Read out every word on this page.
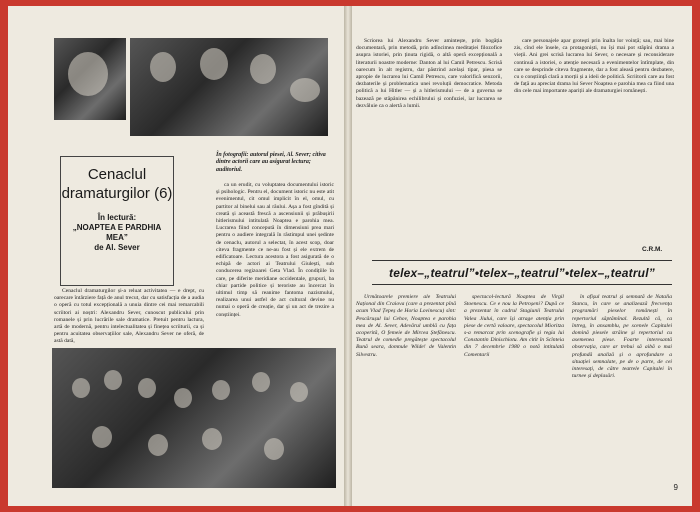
Cenaclul dramaturgilor (6)
În lectură:
„NOAPTEA E PARDHIA MEA”
de Al. Sever
În fotografii: autorul piesei, Al. Sever; citiva dintre actorii care au asigurat lectura; auditoriul.

ca un erudit, cu voluptatea documentului istoric și psihologic. Pentru el, document istoric nu este atit evenimentul, cit omul implicit în el, omul, cu partitor al binelui sau al răului. Așa a fost gîndită și creată și această frescă a ascensiunii și prăbușirii hitlerismului intitulată Noaptea e parohia mea. Lucrarea fiind concepută în dimensiuni prea mari pentru o audiere integrală în răstimpul unei ședinte de cenaclu, autorul a selectat, în acest scop, doar citeva fragmente ce ne-au fost și ele extrem de edificatoare. Lectura acestora a fost asigurată de o echipă de actori ai Teatrului Giulești, sub conducerea regizoarei Geta Vlad. În condițiile în care, pe diferite meridiane occidentale, grupuri, ba chiar partide politice și teroriste au încercat în ultimul timp să reanime fantoma nazismului, realizarea unui astfel de act cultural devine nu numai o operă de creație, dar și un act de trezire a conștiinței.

Cenaclul dramaturgilor și-a reluat activitatea — e drept, cu oarecare întârziere față de anul trecut, dar cu satisfacția de a audia o operă cu totul excepțională a unuia dintre cei mai remarcabili scriitori ai noștri: Alexandru Sever, cunoscut publicului prin romanele și prin lucrările sale dramatice. Pretuit pentru lactura, artă de modernă, pentru intelectualitatea și finețea scriiturii, ca și pentru acuitatea observațiilor sale, Alexandru Sever ne oferă, de astă dată,

Scriorea lui Alexandru Sever amintește, prin bogăția documentară, prin metodă, prin adîncimea meditației filozofice asupra istoriei, prin ținuta rigidă, o altă operă excepțională a literaturii noastre moderne: Danton al lui Camil Petrescu. Scrisă oarecum în alt registru, dar păstrind același tipar, piesa se apropie de lucrarea lui Camil Petrescu, care valorifică senzorii, dezbaterile și problematica unei revoluții democratice. Metoda politică a lui Hitler — și a hitlerismului — de a guverna se bazează pe stăpânirea echilibrului și confuziei, iar lucrarea se dezvăluie ca o alertă a lumii.

care personajele apar grotești prin înalta lor voință; sau, mai bine zis, cînd ele însele, ca protagoniști, nu își mai pot stăpîni drama a vieții. Ani grei scrisă lucrarea lui Sever, o necesare și reconsiderare continuă a istoriei, o atenție necesară a evenimentelor întîmplate, din care se desprinde citeva fragmente, dar a fost aleasă pentru dezbatere, cu o conștiință clară a morții și a ideii de politică. Scriitorii care au fost de față au apreciat drama lui Sever Noaptea e parohia mea ca fiind una din cele mai importante apariții ale dramaturgiei românești.

C.R.M.
telex–„teatrul”•telex–„teatrul”•telex–„teatrul”

Următoarele premiere ale Teatrului Național din Craiova (care a prezentat pînă acum Vlad Țepeș de Horia Lovinescu) sînt: Pescărușul lui Cehov, Noaptea e parohia mea de Al. Sever, Adevărul umblă cu fața acoperită, O femeie de Mircea Ștefănescu. Teatrul de comedie pregătește spectacolul Bună seara, domnule Wilde! de Valentin Silvestru.

spectacol-lectură Noaptea de Virgil Stoenescu. Ce e nou la Petroșeni? După ce a prezentat în cadrul Stagiunii Teatrului Valea Jiului, care își atrage atenția prin piese de certă valoare, spectacolul Mioritza s-a remarcat prin scenografie și regia lui Constantin Dinischiotu. Am citit în Scînteia din 7 decembrie 1980 o notă intitulată Comentarii

în afișul teatrul și semnată de Natalia Stancu, în care se analizează frecvența programări pieselor românești în repertoriul săptămînal. Rezultă că, ca întreg, în ansamblu, pe scenele Capitalei domină piesele străine și repertoriul cu asemenea piese. Foarte interesantă observația, care ar trebui să aibă o mai profundă analiză și o aprofundare a situației semnalate, pe de o parte, de cei interesați, de către teatrele Capitalei în turnee și deplasări.

9
